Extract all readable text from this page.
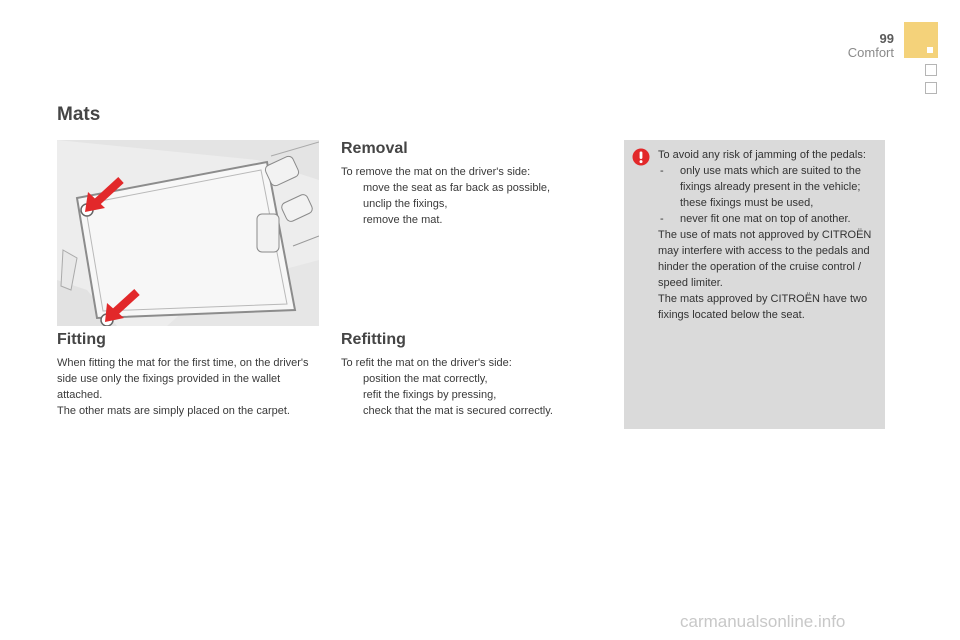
99
Comfort
Mats
Fitting

When fitting the mat for the first time, on the driver's side use only the fixings provided in the wallet attached.

The other mats are simply placed on the carpet.

Removal

To remove the mat on the driver's side:

move the seat as far back as possible,
unclip the fixings,
remove the mat.
Refitting

To refit the mat on the driver's side:

position the mat correctly,
refit the fixings by pressing,
check that the mat is secured correctly.

To avoid any risk of jamming of the pedals:

- only use mats which are suited to the fixings already present in the vehicle; these fixings must be used,
- never fit one mat on top of another.

The use of mats not approved by CITROËN may interfere with access to the pedals and hinder the operation of the cruise control / speed limiter.

The mats approved by CITROËN have two fixings located below the seat.

carmanualsonline.info
